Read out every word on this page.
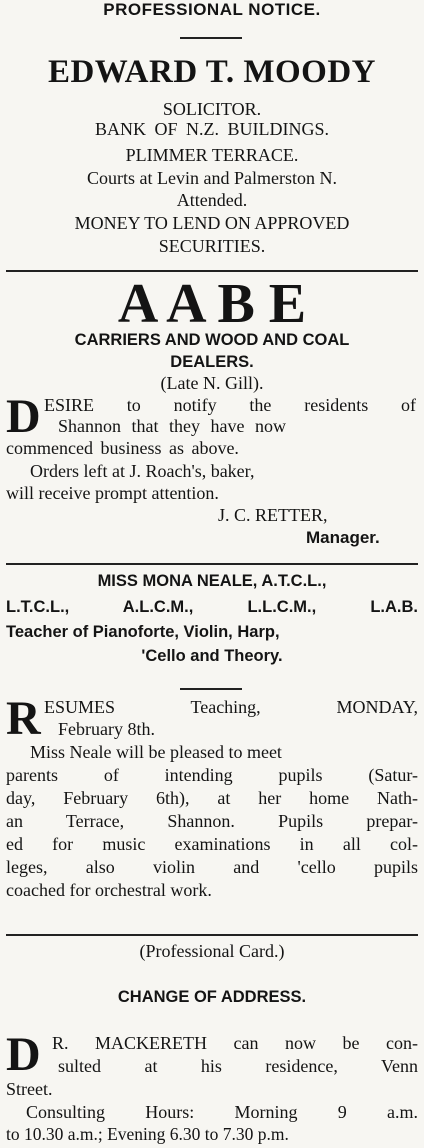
PROFESSIONAL NOTICE.
EDWARD T. MOODY
SOLICITOR.
BANK OF N.Z. BUILDINGS.
PLIMMER TERRACE.
Courts at Levin and Palmerston N.
Attended.
MONEY TO LEND ON APPROVED
SECURITIES.
A A B E
CARRIERS AND WOOD AND COAL
DEALERS.
(Late N. Gill).
D ESIRE to notify the residents of
Shannon that they have now
commenced business as above.
Orders left at J. Roach's, baker,
will receive prompt attention.
J. C. RETTER,
Manager.
MISS MONA NEALE, A.T.C.L.,
L.T.C.L., A.L.C.M., L.L.C.M., L.A.B.
Teacher of Pianoforte, Violin, Harp,
'Cello and Theory.
R ESUMES Teaching, MONDAY,
February 8th.
Miss Neale will be pleased to meet
parents of intending pupils (Satur-
day, February 6th), at her home Nath-
an Terrace, Shannon. Pupils prepar-
ed for music examinations in all col-
leges, also violin and 'cello pupils
coached for orchestral work.
(Professional Card.)
CHANGE OF ADDRESS.
D R. MACKERETH can now be con-
sulted at his residence, Venn
Street.
Consulting Hours: Morning 9 a.m.
to 10.30 a.m.; Evening 6.30 to 7.30 p.m.
